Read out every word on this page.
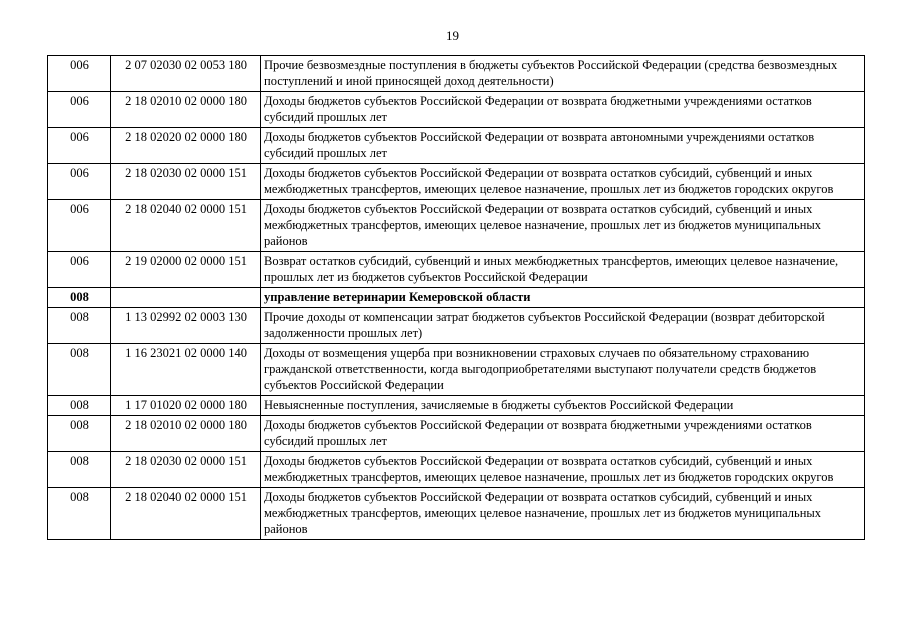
19
006	2 07 02030 02 0053 180	Прочие безвозмездные поступления в бюджеты субъектов Российской Федерации (средства безвозмездных поступлений и иной приносящей доход деятельности)
006	2 18 02010 02 0000 180	Доходы бюджетов субъектов Российской Федерации от возврата бюджетными учреждениями остатков субсидий прошлых лет
006	2 18 02020 02 0000 180	Доходы бюджетов субъектов Российской Федерации от возврата автономными учреждениями остатков субсидий прошлых лет
006	2 18 02030 02 0000 151	Доходы бюджетов субъектов Российской Федерации от возврата остатков субсидий, субвенций и иных межбюджетных трансфертов, имеющих целевое назначение, прошлых лет из бюджетов городских округов
006	2 18 02040 02 0000 151	Доходы бюджетов субъектов Российской Федерации от возврата остатков субсидий, субвенций и иных межбюджетных трансфертов, имеющих целевое назначение, прошлых лет из бюджетов муниципальных районов
006	2 19 02000 02 0000 151	Возврат остатков субсидий, субвенций и иных межбюджетных трансфертов, имеющих целевое назначение, прошлых лет из бюджетов субъектов Российской Федерации
008		управление ветеринарии Кемеровской области
008	1 13 02992 02 0003 130	Прочие доходы от компенсации затрат бюджетов субъектов Российской Федерации (возврат дебиторской задолженности прошлых лет)
008	1 16 23021 02 0000 140	Доходы от возмещения ущерба при возникновении страховых случаев по обязательному страхованию гражданской ответственности, когда выгодоприобретателями выступают получатели средств бюджетов субъектов Российской Федерации
008	1 17 01020 02 0000 180	Невыясненные поступления, зачисляемые в бюджеты субъектов Российской Федерации
008	2 18 02010 02 0000 180	Доходы бюджетов субъектов Российской Федерации от возврата бюджетными учреждениями остатков субсидий прошлых лет
008	2 18 02030 02 0000 151	Доходы бюджетов субъектов Российской Федерации от возврата остатков субсидий, субвенций и иных межбюджетных трансфертов, имеющих целевое назначение, прошлых лет из бюджетов городских округов
008	2 18 02040 02 0000 151	Доходы бюджетов субъектов Российской Федерации от возврата остатков субсидий, субвенций и иных межбюджетных трансфертов, имеющих целевое назначение, прошлых лет из бюджетов муниципальных районов
